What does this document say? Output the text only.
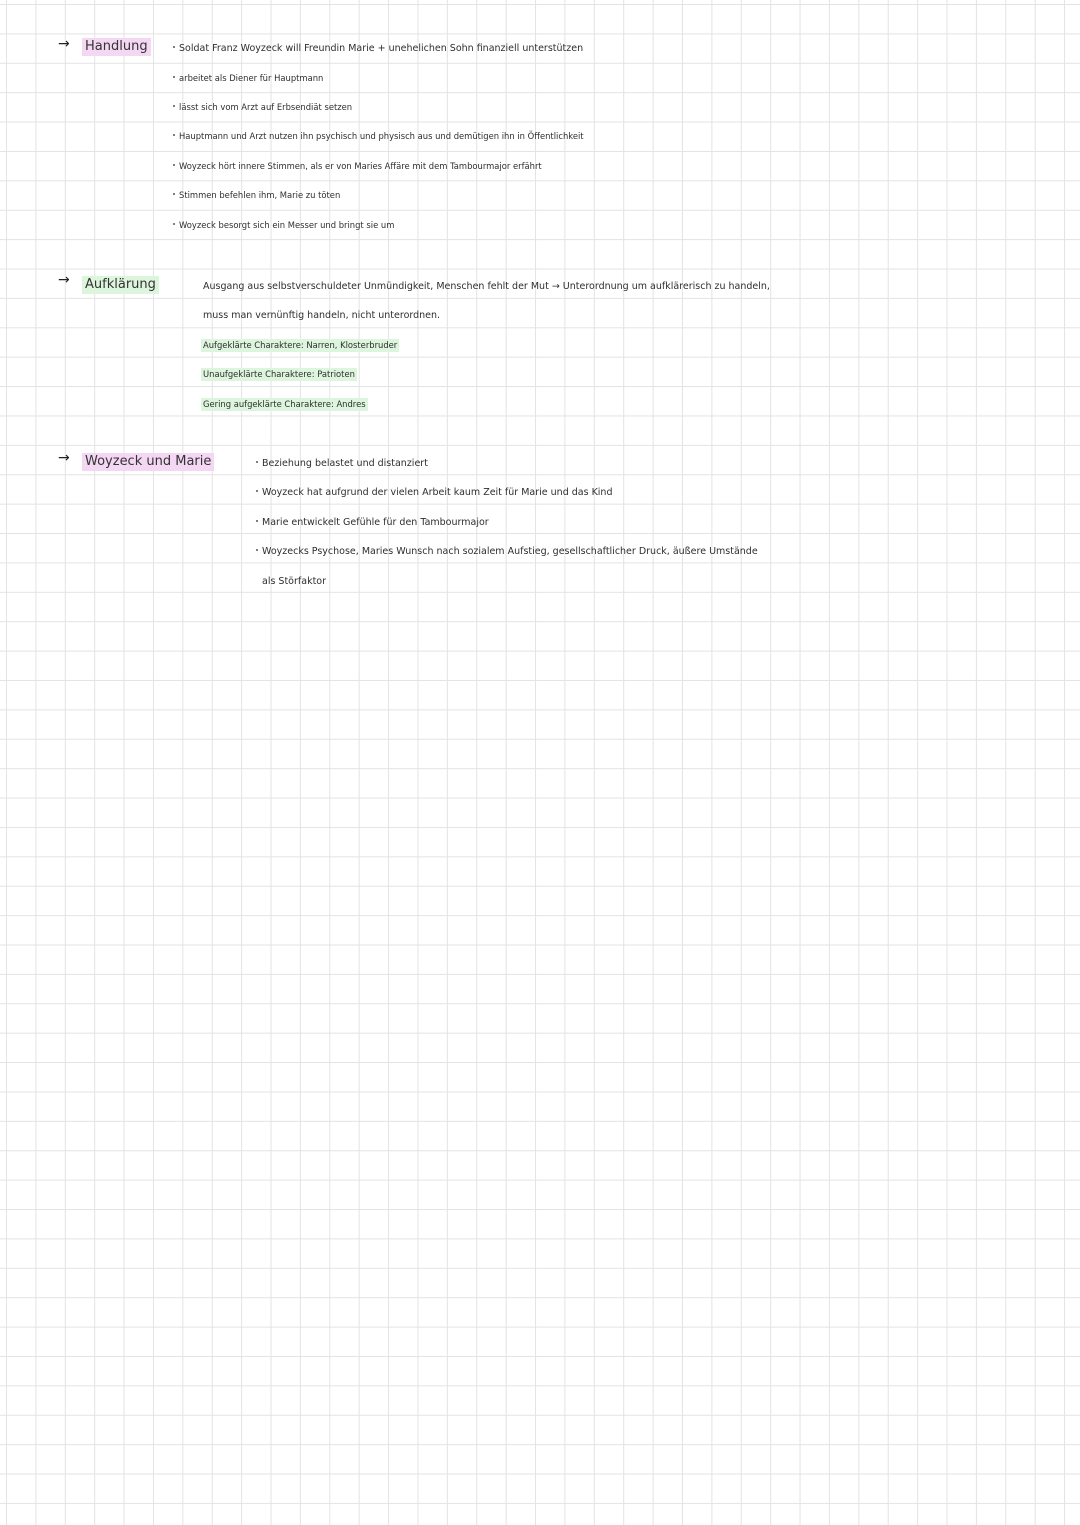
→ Handlung	Soldat Franz Woyzeck will Freundin Marie + unehelichen Sohn finanziell unterstützen
arbeitet als Diener für Hauptmann
lässt sich vom Arzt auf Erbsendiät setzen
Hauptmann und Arzt nutzen ihn psychisch und physisch aus und demütigen ihn in Öffentlichkeit
Woyzeck hört innere Stimmen, als er von Maries Affäre mit dem Tambourmajor erfährt
Stimmen befehlen ihm, Marie zu töten
Woyzeck besorgt sich ein Messer und bringt sie um
→ Aufklärung	Ausgang aus selbstverschuldeter Unmündigkeit, Menschen fehlt der Mut → Unterordnung um aufklärerisch zu handeln,
muss man vernünftig handeln, nicht unterordnen.
Aufgeklärte Charaktere: Narren, Klosterbruder
Unaufgeklärte Charaktere: Patrioten
Gering aufgeklärte Charaktere: Andres
→ Woyzeck und Marie	Beziehung belastet und distanziert
Woyzeck hat aufgrund der vielen Arbeit kaum Zeit für Marie und das Kind
Marie entwickelt Gefühle für den Tambourmajor
Woyzecks Psychose, Maries Wunsch nach sozialem Aufstieg, gesellschaftlicher Druck, äußere Umstände
als Störfaktor
